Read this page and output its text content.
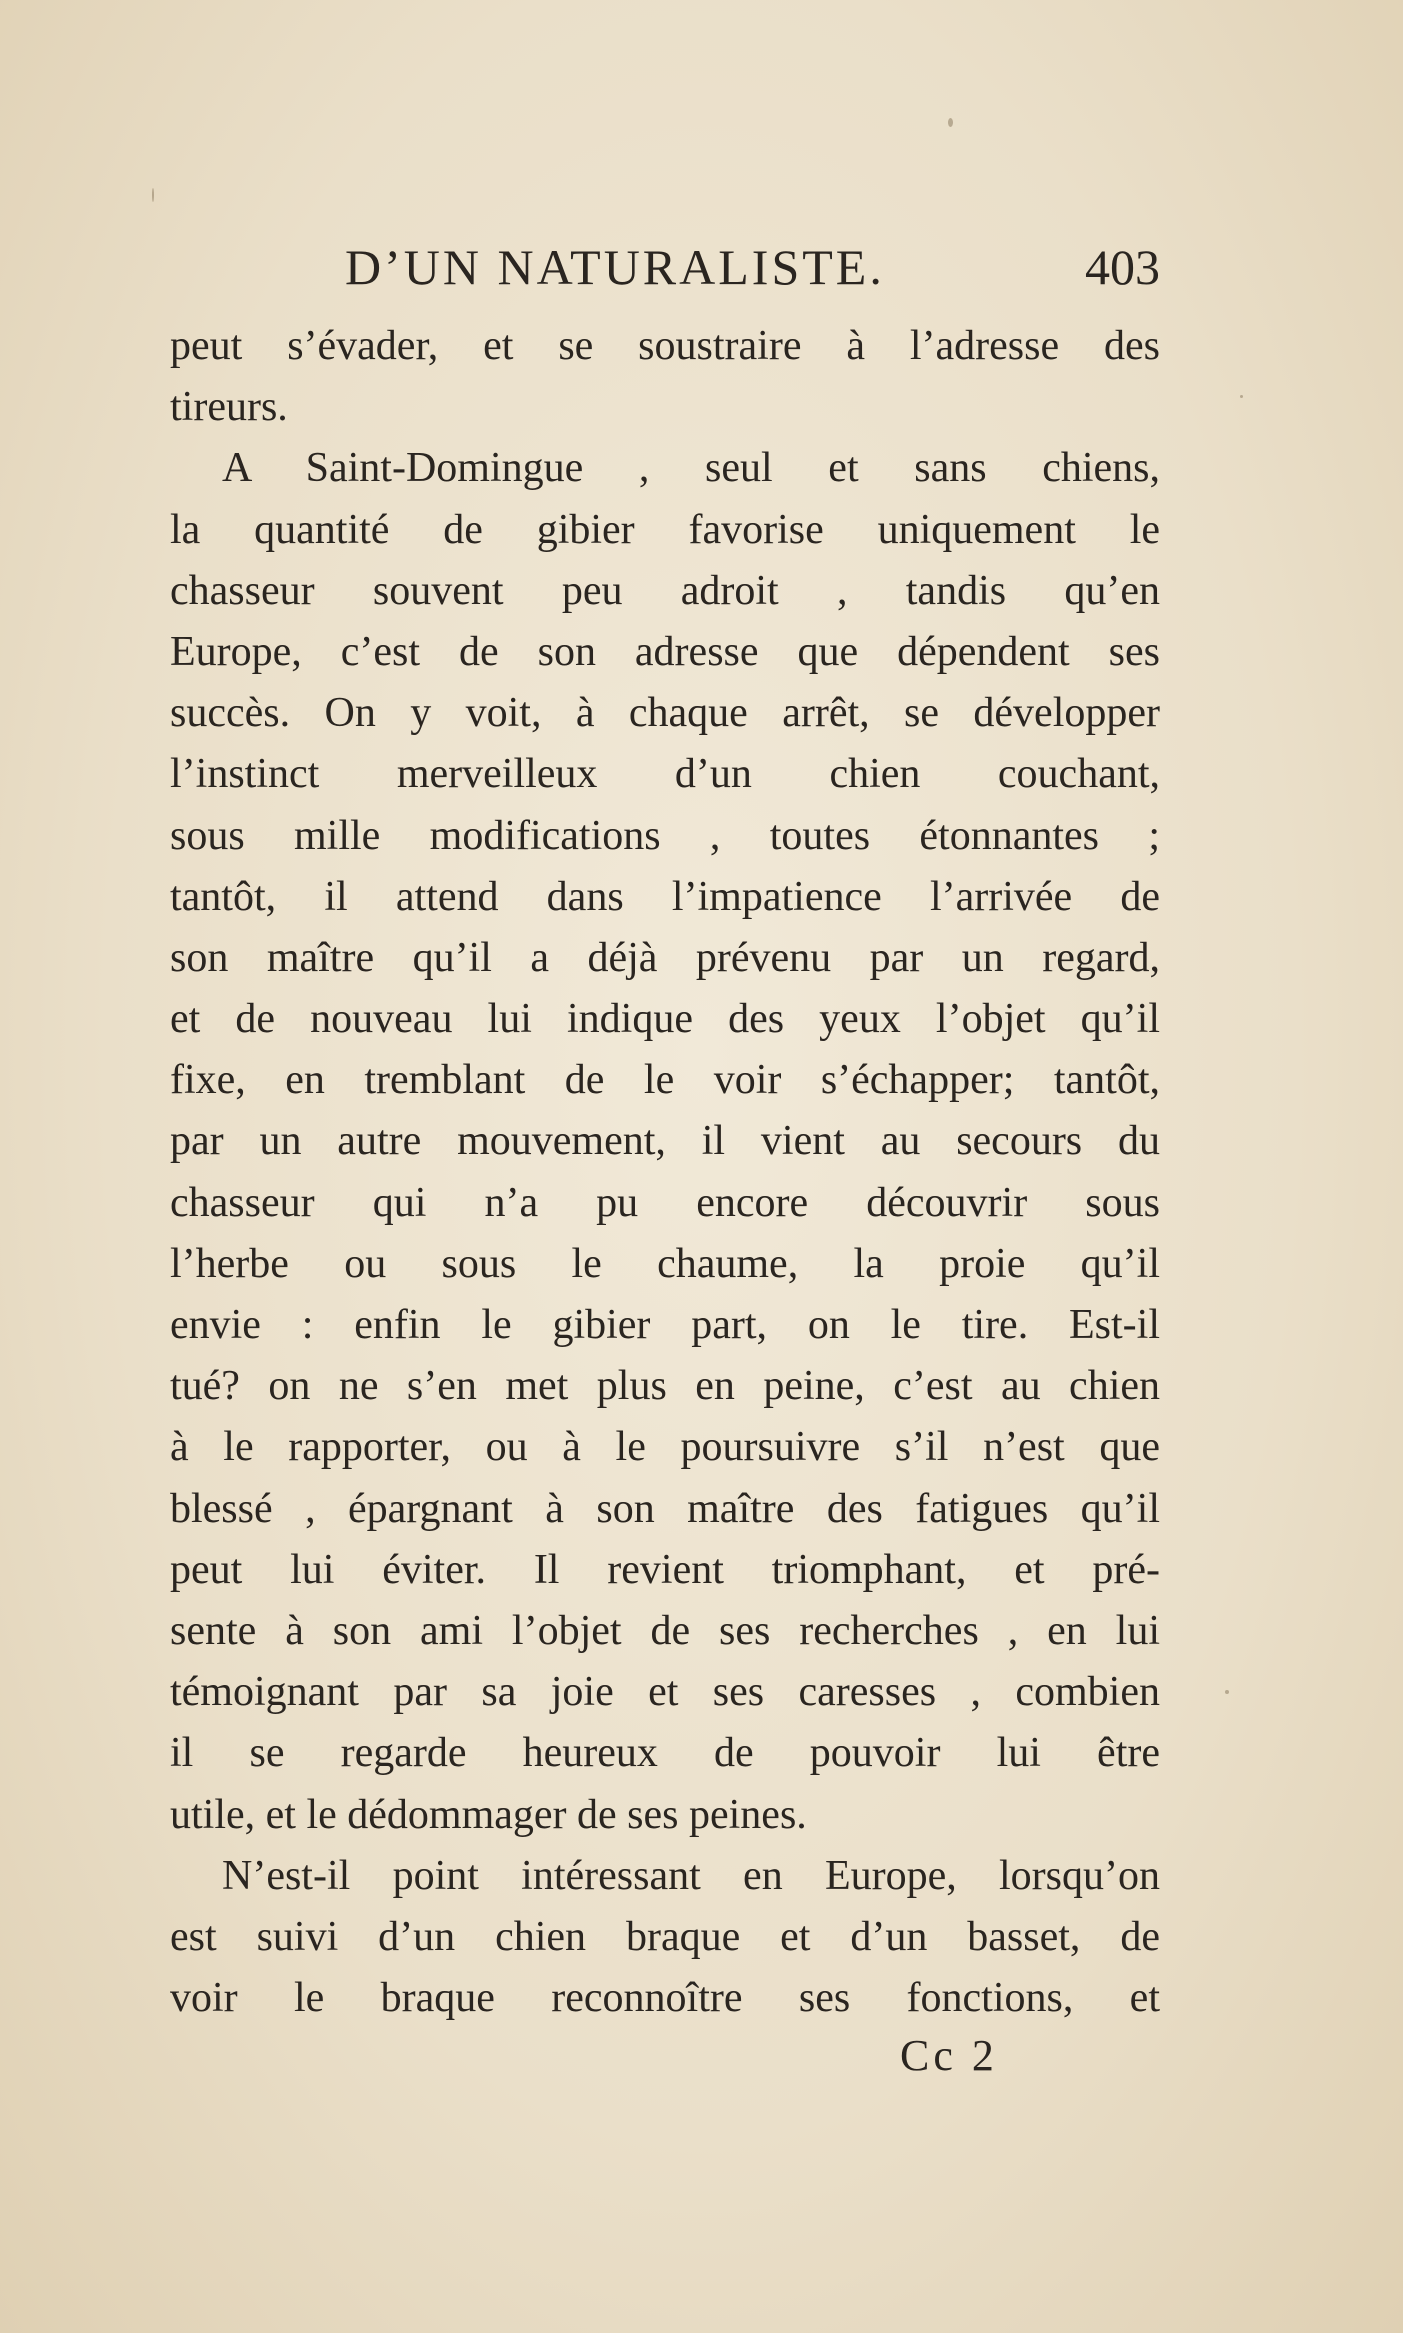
D’UN NATURALISTE.	403
peut s’évader, et se soustraire à l’adresse des
tireurs.
A Saint-Domingue , seul et sans chiens,
la quantité de gibier favorise uniquement le
chasseur souvent peu adroit , tandis qu’en
Europe, c’est de son adresse que dépendent ses
succès. On y voit, à chaque arrêt, se développer
l’instinct merveilleux d’un chien couchant,
sous mille modifications , toutes étonnantes ;
tantôt, il attend dans l’impatience l’arrivée de
son maître qu’il a déjà prévenu par un regard,
et de nouveau lui indique des yeux l’objet qu’il
fixe, en tremblant de le voir s’échapper; tantôt,
par un autre mouvement, il vient au secours du
chasseur qui n’a pu encore découvrir sous
l’herbe ou sous le chaume, la proie qu’il
envie : enfin le gibier part, on le tire. Est-il
tué? on ne s’en met plus en peine, c’est au chien
à le rapporter, ou à le poursuivre s’il n’est que
blessé , épargnant à son maître des fatigues qu’il
peut lui éviter. Il revient triomphant, et pré-
sente à son ami l’objet de ses recherches , en lui
témoignant par sa joie et ses caresses , combien
il se regarde heureux de pouvoir lui être
utile, et le dédommager de ses peines.
N’est-il point intéressant en Europe, lorsqu’on
est suivi d’un chien braque et d’un basset, de
voir le braque reconnoître ses fonctions, et
Cc 2
